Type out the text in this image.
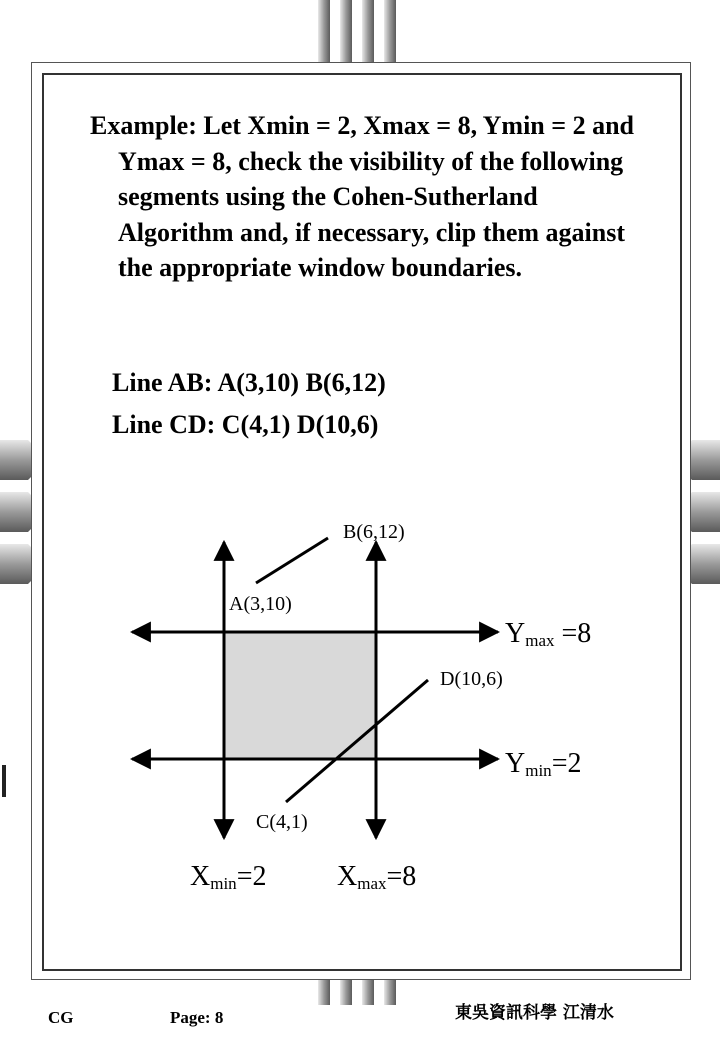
Example: Let Xmin = 2, Xmax = 8, Ymin = 2 and Ymax = 8, check the visibility of the following segments using the Cohen-Sutherland Algorithm and, if necessary, clip them against the appropriate window boundaries.

Line AB: A(3,10) B(6,12)
Line CD: C(4,1) D(10,6)
B(6,12)
A(3,10)
D(10,6)
C(4,1)
Ymax =8
Ymin=2
Xmin=2	Xmax=8
CG	Page: 8	東吳資訊科學 江清水
